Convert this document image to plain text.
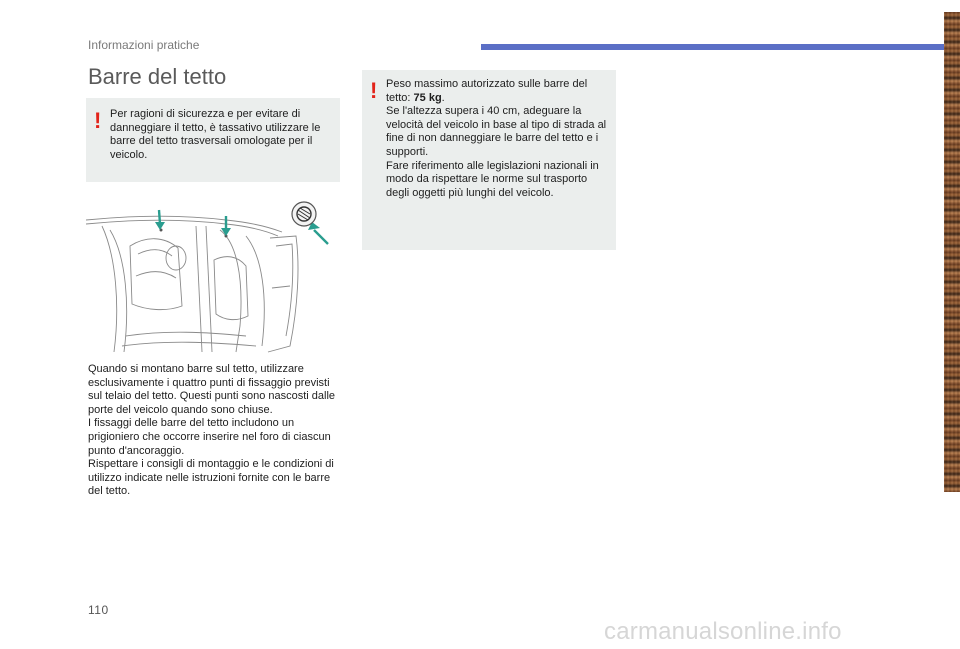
Informazioni pratiche
Barre del tetto
! Per ragioni di sicurezza e per evitare di danneggiare il tetto, è tassativo utilizzare le barre del tetto trasversali omologate per il veicolo.

! Peso massimo autorizzato sulle barre del tetto: 75 kg.

Se l'altezza supera i 40 cm, adeguare la velocità del veicolo in base al tipo di strada al fine di non danneggiare le barre del tetto e i supporti.

Fare riferimento alle legislazioni nazionali in modo da rispettare le norme sul trasporto degli oggetti più lunghi del veicolo.

Quando si montano barre sul tetto, utilizzare esclusivamente i quattro punti di fissaggio previsti sul telaio del tetto. Questi punti sono nascosti dalle porte del veicolo quando sono chiuse.

I fissaggi delle barre del tetto includono un prigioniero che occorre inserire nel foro di ciascun punto d'ancoraggio.

Rispettare i consigli di montaggio e le condizioni di utilizzo indicate nelle istruzioni fornite con le barre del tetto.

110
carmanualsonline.info
